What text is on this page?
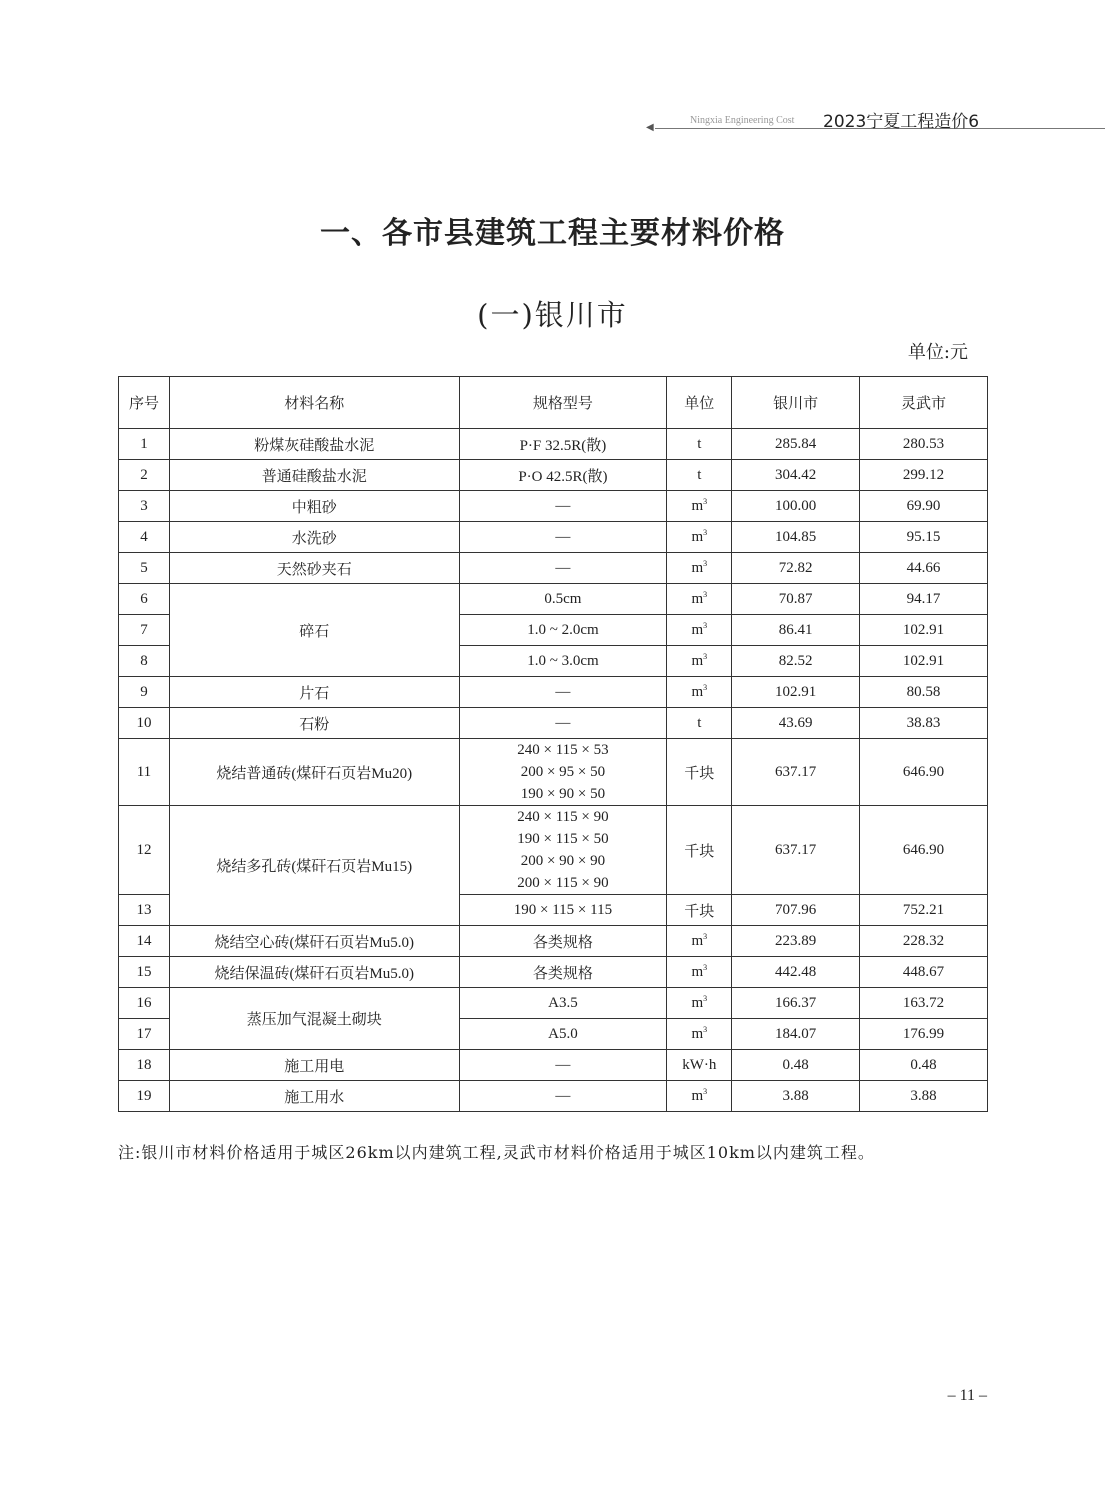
◀
Ningxia Engineering Cost 2023宁夏工程造价6
一、各市县建筑工程主要材料价格
(一)银川市
单位:元
序号	材料名称	规格型号	单位	银川市	灵武市
1	粉煤灰硅酸盐水泥	P·F 32.5R(散)	t	285.84	280.53
2	普通硅酸盐水泥	P·O 42.5R(散)	t	304.42	299.12
3	中粗砂	—	$m^3$	100.00	69.90
4	水洗砂	—	$m^3$	104.85	95.15
5	天然砂夹石	—	$m^3$	72.82	44.66
6	碎石	0.5cm	$m^3$	70.87	94.17
7		1.0 ~ 2.0cm	$m^3$	86.41	102.91
8		1.0 ~ 3.0cm	$m^3$	82.52	102.91
9	片石	—	$m^3$	102.91	80.58
10	石粉	—	t	43.69	38.83
11	烧结普通砖(煤矸石页岩Mu20)	240 × 115 × 53
200 × 95 × 50
190 × 90 × 50	千块	637.17	646.90
12	烧结多孔砖(煤矸石页岩Mu15)	240 × 115 × 90
190 × 115 × 50
200 × 90 × 90
200 × 115 × 90	千块	637.17	646.90
13		190 × 115 × 115	千块	707.96	752.21
14	烧结空心砖(煤矸石页岩Mu5.0)	各类规格	$m^3$	223.89	228.32
15	烧结保温砖(煤矸石页岩Mu5.0)	各类规格	$m^3$	442.48	448.67
16	蒸压加气混凝土砌块	A3.5	$m^3$	166.37	163.72
17		A5.0	$m^3$	184.07	176.99
18	施工用电	—	kW·h	0.48	0.48
19	施工用水	—	$m^3$	3.88	3.88
注:银川市材料价格适用于城区26km以内建筑工程,灵武市材料价格适用于城区10km以内建筑工程。
– 11 –
